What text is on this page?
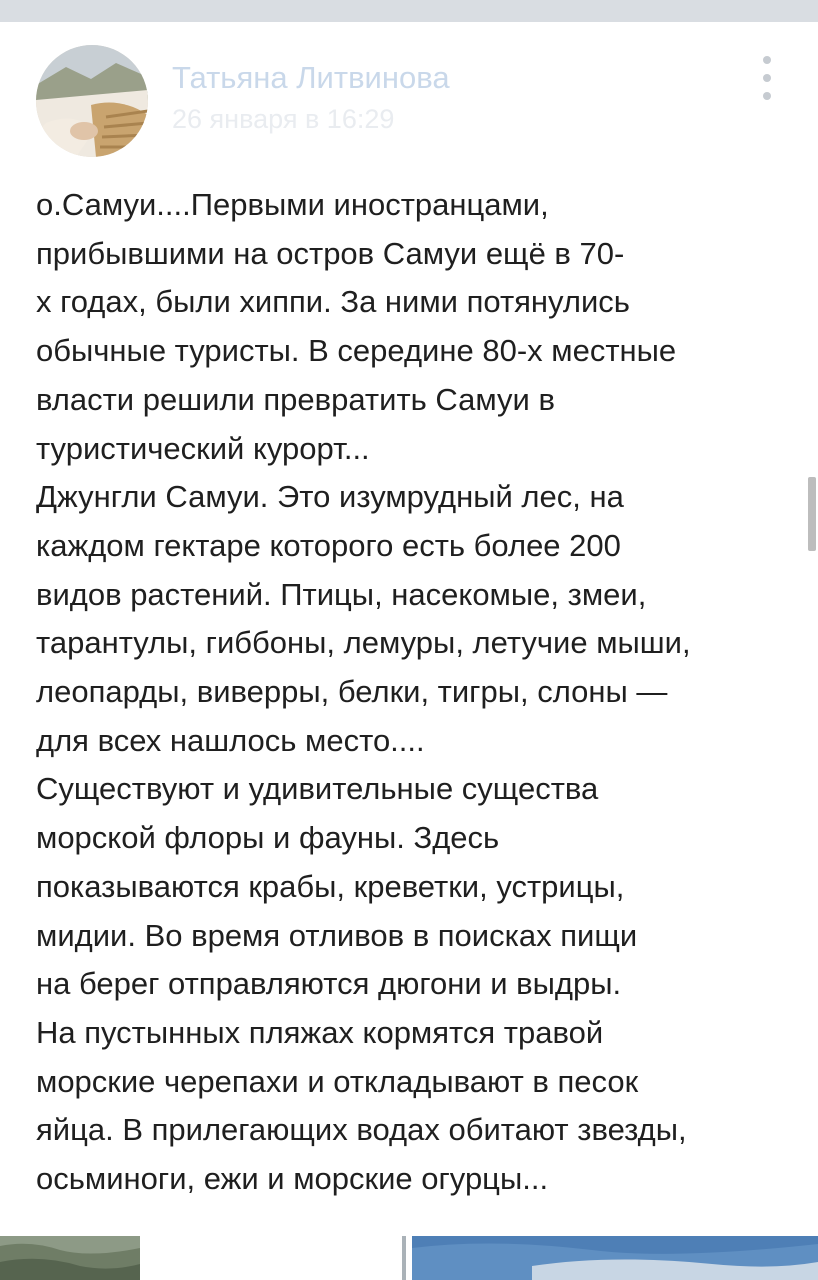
Татьяна Литвинова
26 января в 16:29
о.Самуи....Первыми иностранцами,
прибывшими на остров Самуи ещё в 70-
х годах, были хиппи. За ними потянулись
обычные туристы. В середине 80-х местные
власти решили превратить Самуи в
туристический курорт...
Джунгли Самуи. Это изумрудный лес, на
каждом гектаре которого есть более 200
видов растений. Птицы, насекомые, змеи,
тарантулы, гиббоны, лемуры, летучие мыши,
леопарды, виверры, белки, тигры, слоны —
для всех нашлось место....
Существуют и удивительные существа
морской флоры и фауны. Здесь
показываются крабы, креветки, устрицы,
мидии. Во время отливов в поисках пищи
на берег отправляются дюгони и выдры.
На пустынных пляжах кормятся травой
морские черепахи и откладывают в песок
яйца. В прилегающих водах обитают звезды,
осьминоги, ежи и морские огурцы...
